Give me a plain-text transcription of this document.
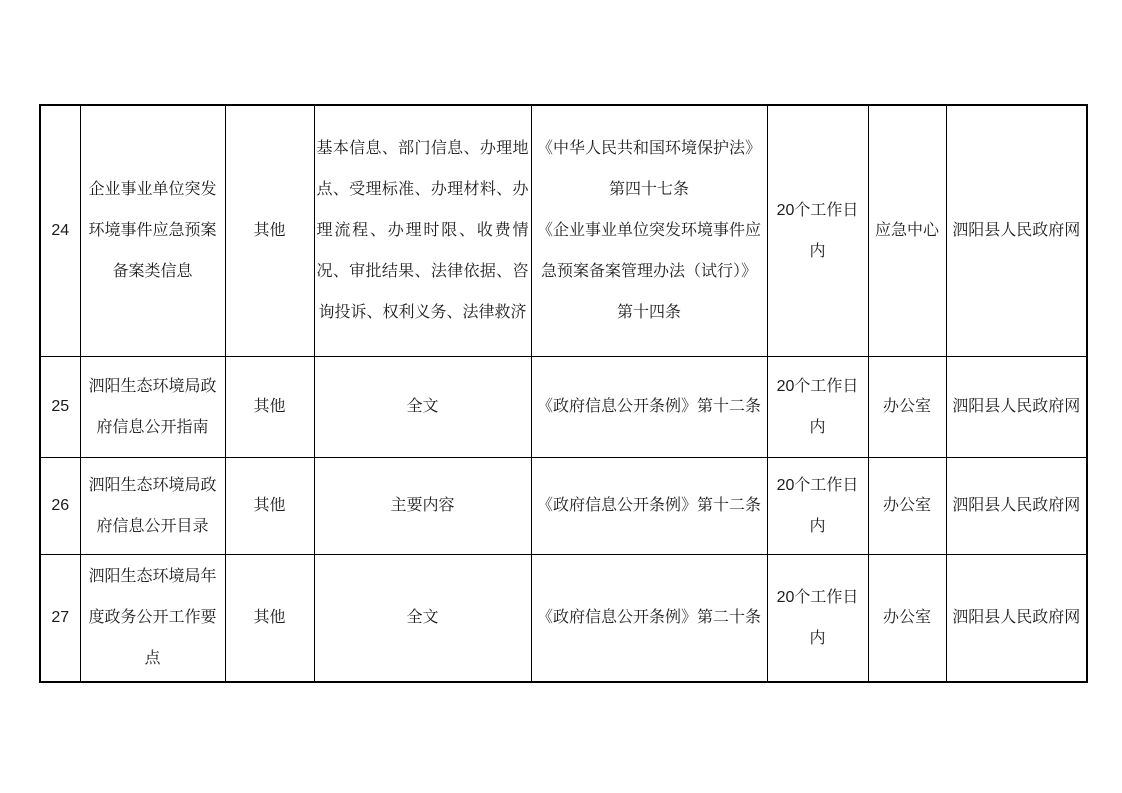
24	企业事业单位突发环境事件应急预案备案类信息	其他	基本信息、部门信息、办理地点、受理标准、办理材料、办理流程、办理时限、收费情况、审批结果、法律依据、咨询投诉、权利义务、法律救济	《中华人民共和国环境保护法》第四十七条

《企业事业单位突发环境事件应急预案备案管理办法（试行）》第十四条	20个工作日内	应急中心	泗阳县人民政府网
25	泗阳生态环境局政府信息公开指南	其他	全文	《政府信息公开条例》第十二条	20个工作日内	办公室	泗阳县人民政府网
26	泗阳生态环境局政府信息公开目录	其他	主要内容	《政府信息公开条例》第十二条	20个工作日内	办公室	泗阳县人民政府网
27	泗阳生态环境局年度政务公开工作要点	其他	全文	《政府信息公开条例》第二十条	20个工作日内	办公室	泗阳县人民政府网
